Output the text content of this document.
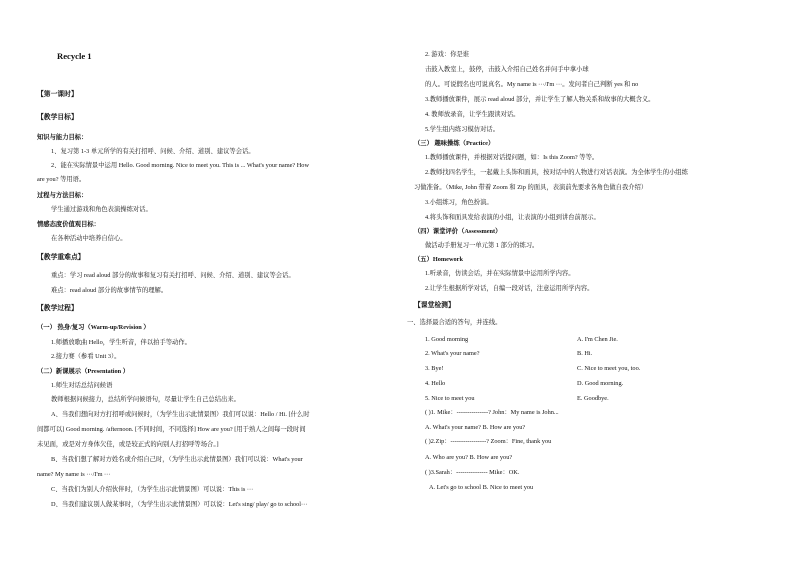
Recycle 1
【第一课时】
【教学目标】
知识与能力目标：
1、复习第 1-3 单元所学的有关打招呼、问候、介绍、道别、建议等会话。
2、能在实际情景中运用 Hello. Good morning. Nice to meet you. This is ... What's your name? How
are you? 等用语。
过程与方法目标：
学生通过游戏和角色表演操练对话。
情感态度价值观目标：
在各种活动中培养自信心。
【教学重难点】
重点：学习 read aloud 部分的故事和复习有关打招呼、问候、介绍、道别、建议等会话。
难点：read aloud 部分的故事情节的理解。
【教学过程】
（一） 热身/复习（Warm-up/Revision ）
1.师播放歌曲 Hello，学生听音，伴以拍手等动作。
2.接力赛（参看 Unit 3）。
（二）新课展示（Presentation ）
1.师生对话总结问候语
教师根据问候接力，总结所学问候语句，尽量让学生自己总结出来。
A、当我们想向对方打招呼或问候时，（为学生出示此情景图）我们可以说：Hello / Hi. [什么时
间都可以] Good morning. /afternoon. [不同时间，不同选择] How are you? [用于熟人之间每一段时间
未见面，或是对方身体欠佳，或是较正式的向别人打招呼等场合。]
B、当我们想了解对方姓名或介绍自己时，（为学生出示此情景图）我们可以说：What's your
name? My name is ···/I'm ···
C、当我们为别人介绍伙伴时，（为学生出示此情景图）可以说：This is ···
D、当我们建议别人做某事时，（为学生出示此情景图）可以说：Let's sing/ play/ go to school···
2. 游戏：你是谁
击鼓入教室上，鼓停，击鼓入介绍自己姓名并问手中拿小球
的人。可说假名也可说真名。My name is ···/I'm ···。发问者自己判断 yes 和 no
3.教师播放课件，展示 read aloud 部分，并让学生了解人物关系和故事的大概含义。
4. 教师放录音，让学生跟读对话。
5.学生组内练习模仿对话。
（三） 趣味操练（Practice）
1.教师播放课件，并根据对话提问题，如：Is this Zoom? 等等。
2.教师找四名学生，一起戴上头饰和面具，按对话中的人物进行对话表演。为全体学生的小组练
习做准备。（Mike, John 带着 Zoom 和 Zip 的面具，表演前先要求各角色做自我介绍）
3.小组练习，角色扮演。
4.将头饰和面具发给表演的小组，让表演的小组到讲台前展示。
（四）课堂评价（Assessment）
做活动手册复习一单元第 1 部分的练习。
（五）Homework
1.听录音，仿读会话，并在实际情景中运用所学内容。
2.让学生根据所学对话，自编一段对话，注意运用所学内容。
【课堂检测】
一、选择最合适的答句，并连线。
1. Good morning	A. I'm Chen Jie.
2. What's your name?	B. Hi.
3. Bye!	C. Nice to meet you, too.
4. Hello	D. Good morning.
5. Nice to meet you	E. Goodbye.
( )1. Mike：---------------? John：My name is John...
A. What's your name? B. How are you?
( )2.Zip：-----------------? Zoom：Fine, thank you
A. Who are you? B. How are you?
( )3.Sarah：--------------- Mike：OK.
A. Let's go to school B. Nice to meet you
